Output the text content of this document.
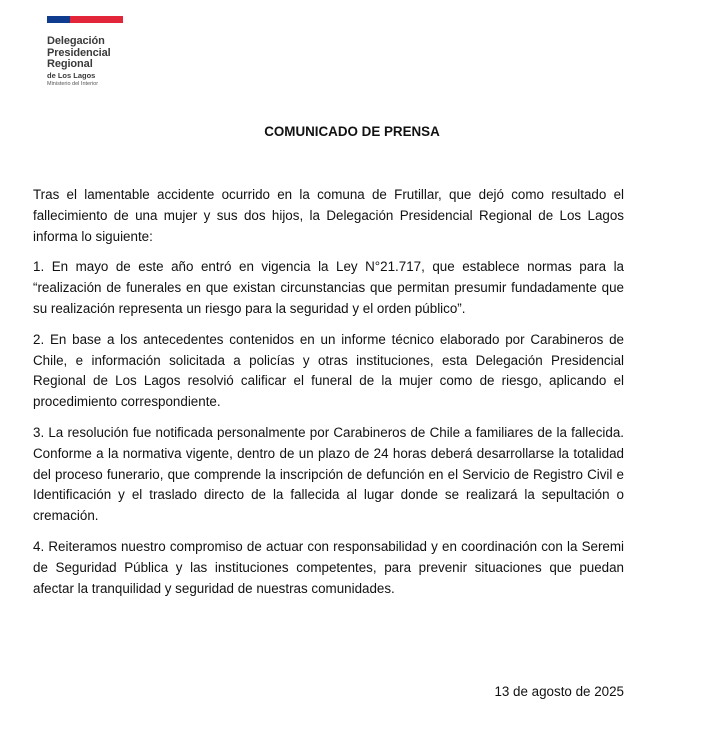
Delegación
Presidencial
Regional
de Los Lagos
Ministerio del Interior
COMUNICADO DE PRENSA

Tras el lamentable accidente ocurrido en la comuna de Frutillar, que dejó como resultado el fallecimiento de una mujer y sus dos hijos, la Delegación Presidencial Regional de Los Lagos informa lo siguiente:

1. En mayo de este año entró en vigencia la Ley N°21.717, que establece normas para la “realización de funerales en que existan circunstancias que permitan presumir fundadamente que su realización representa un riesgo para la seguridad y el orden público”.

2. En base a los antecedentes contenidos en un informe técnico elaborado por Carabineros de Chile, e información solicitada a policías y otras instituciones, esta Delegación Presidencial Regional de Los Lagos resolvió calificar el funeral de la mujer como de riesgo, aplicando el procedimiento correspondiente.

3. La resolución fue notificada personalmente por Carabineros de Chile a familiares de la fallecida. Conforme a la normativa vigente, dentro de un plazo de 24 horas deberá desarrollarse la totalidad del proceso funerario, que comprende la inscripción de defunción en el Servicio de Registro Civil e Identificación y el traslado directo de la fallecida al lugar donde se realizará la sepultación o cremación.

4. Reiteramos nuestro compromiso de actuar con responsabilidad y en coordinación con la Seremi de Seguridad Pública y las instituciones competentes, para prevenir situaciones que puedan afectar la tranquilidad y seguridad de nuestras comunidades.

13 de agosto de 2025
